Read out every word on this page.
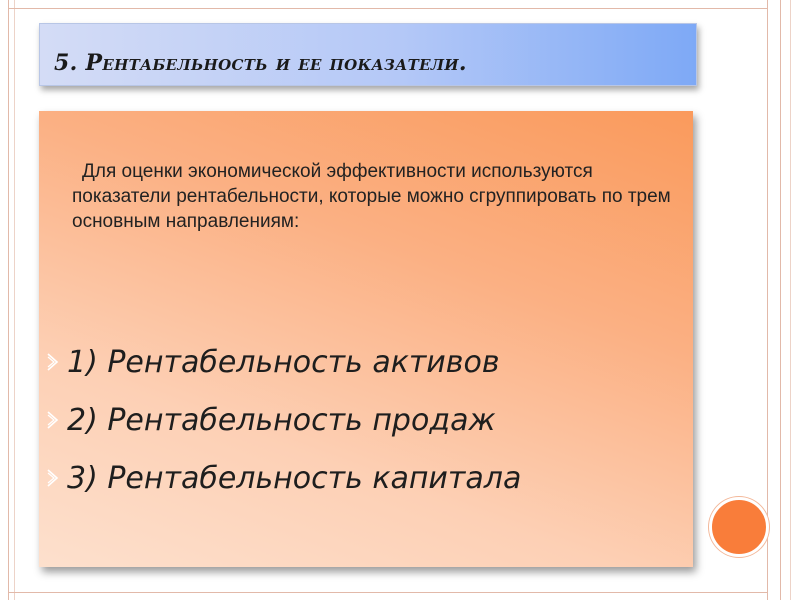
5. Рентабельность и ее показатели.
Для оценки экономической эффективности используются показатели рентабельности, которые можно сгруппировать по трем основным направлениям:
1) Рентабельность активов
2) Рентабельность продаж
3) Рентабельность капитала
